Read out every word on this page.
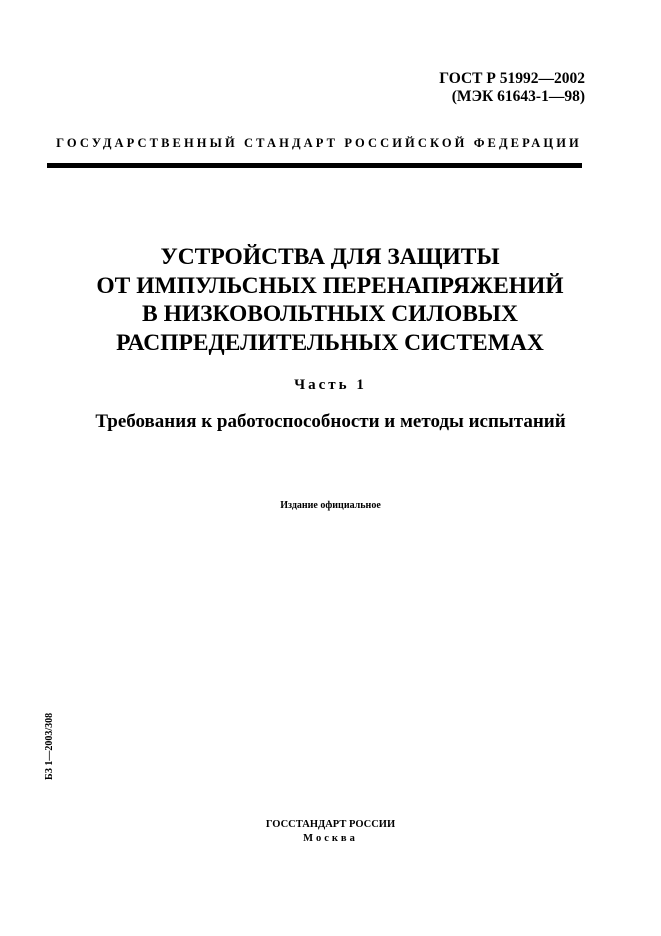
ГОСТ Р 51992—2002
(МЭК 61643-1—98)
ГОСУДАРСТВЕННЫЙ СТАНДАРТ РОССИЙСКОЙ ФЕДЕРАЦИИ
УСТРОЙСТВА ДЛЯ ЗАЩИТЫ
ОТ ИМПУЛЬСНЫХ ПЕРЕНАПРЯЖЕНИЙ
В НИЗКОВОЛЬТНЫХ СИЛОВЫХ
РАСПРЕДЕЛИТЕЛЬНЫХ СИСТЕМАХ
Часть 1
Требования к работоспособности и методы испытаний
Издание официальное
БЗ 1—2003/308
ГОССТАНДАРТ РОССИИ
Москва
